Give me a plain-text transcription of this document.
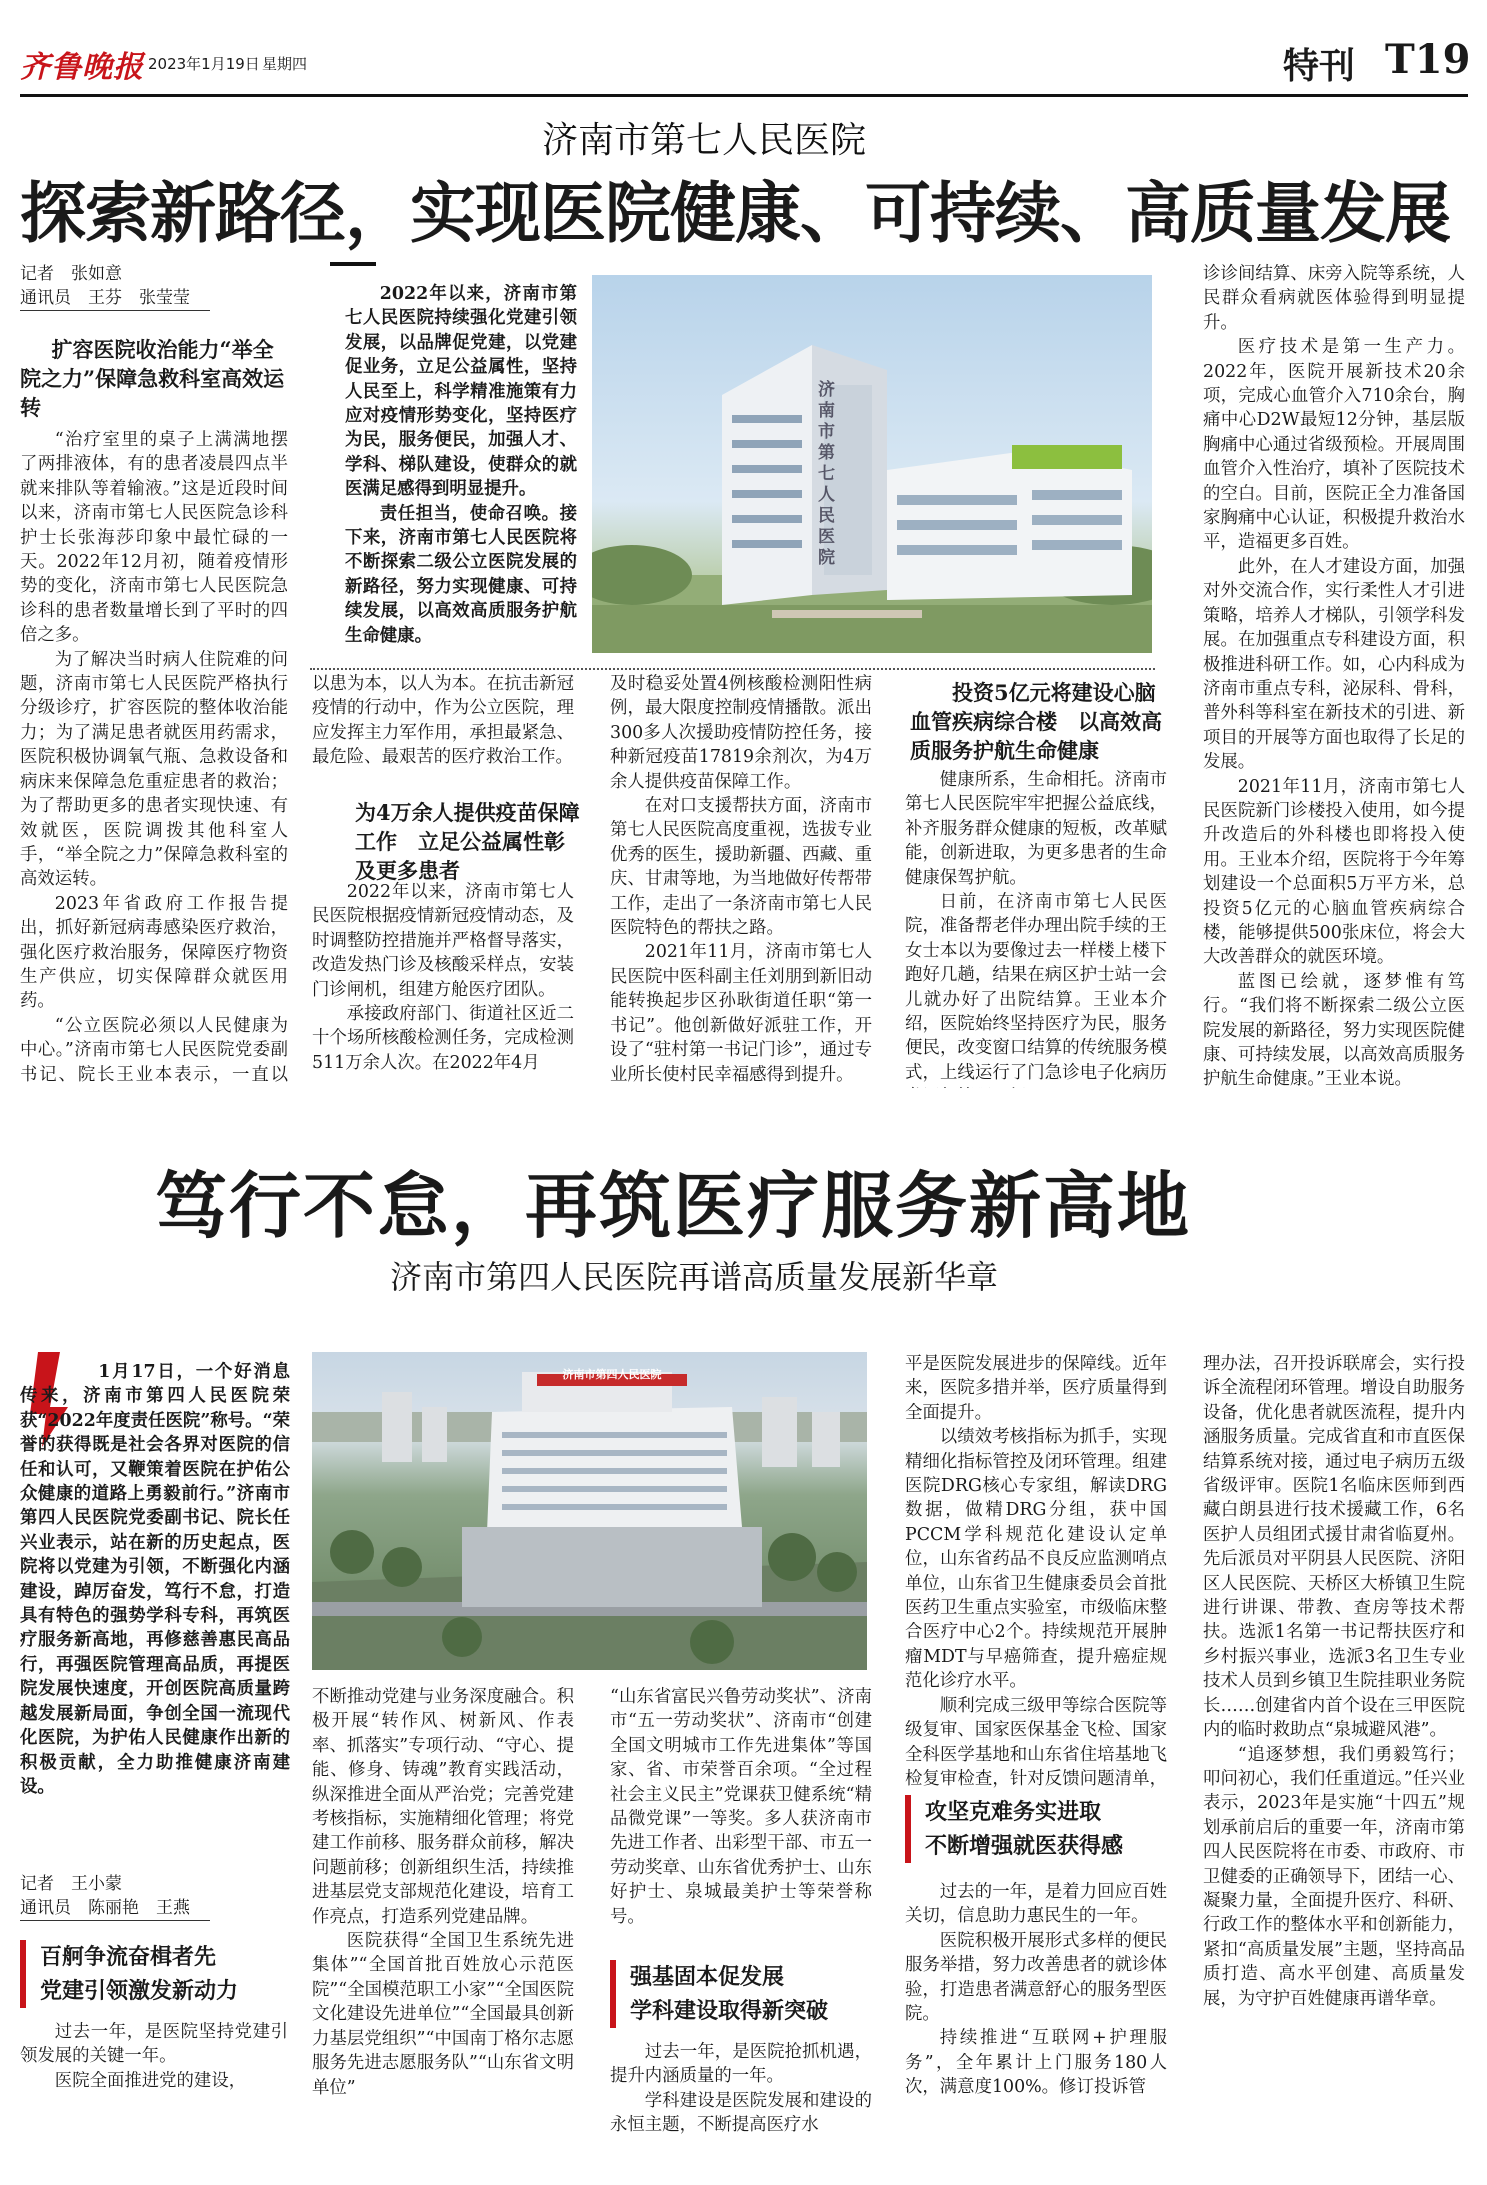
齐鲁晚报 2023年1月19日 星期四	特刊 T19
济南市第七人民医院
探索新路径，实现医院健康、可持续、高质量发展
记者　张如意
通讯员　王芬　张莹莹
扩容医院收治能力“举全院之力”保障急救科室高效运转

“治疗室里的桌子上满满地摆了两排液体，有的患者凌晨四点半就来排队等着输液。”这是近段时间以来，济南市第七人民医院急诊科护士长张海莎印象中最忙碌的一天。2022年12月初，随着疫情形势的变化，济南市第七人民医院急诊科的患者数量增长到了平时的四倍之多。

为了解决当时病人住院难的问题，济南市第七人民医院严格执行分级诊疗，扩容医院的整体收治能力；为了满足患者就医用药需求，医院积极协调氧气瓶、急救设备和病床来保障急危重症患者的救治；为了帮助更多的患者实现快速、有效就医，医院调拨其他科室人手，“举全院之力”保障急救科室的高效运转。

2023年省政府工作报告提出，抓好新冠病毒感染医疗救治，强化医疗救治服务，保障医疗物资生产供应，切实保障群众就医用药。

“公立医院必须以人民健康为中心。”济南市第七人民医院党委副书记、院长王业本表示，一直以

2022年以来，济南市第七人民医院持续强化党建引领发展，以品牌促党建，以党建促业务，立足公益属性，坚持人民至上，科学精准施策有力应对疫情形势变化，坚持医疗为民，服务便民，加强人才、学科、梯队建设，使群众的就医满足感得到明显提升。

责任担当，使命召唤。接下来，济南市第七人民医院将不断探索二级公立医院发展的新路径，努力实现健康、可持续发展，以高效高质服务护航生命健康。

济南市第七人民医院

以患为本，以人为本。在抗击新冠疫情的行动中，作为公立医院，理应发挥主力军作用，承担最紧急、最危险、最艰苦的医疗救治工作。

为4万余人提供疫苗保障工作　立足公益属性彰及更多患者

2022年以来，济南市第七人民医院根据疫情新冠疫情动态，及时调整防控措施并严格督导落实，改造发热门诊及核酸采样点，安装门诊闸机，组建方舱医疗团队。

承接政府部门、街道社区近二十个场所核酸检测任务，完成检测511万余人次。在2022年4月

及时稳妥处置4例核酸检测阳性病例，最大限度控制疫情播散。派出300多人次援助疫情防控任务，接种新冠疫苗17819余剂次，为4万余人提供疫苗保障工作。

在对口支援帮扶方面，济南市第七人民医院高度重视，选拔专业优秀的医生，援助新疆、西藏、重庆、甘肃等地，为当地做好传帮带工作，走出了一条济南市第七人民医院特色的帮扶之路。

2021年11月，济南市第七人民医院中医科副主任刘朋到新旧动能转换起步区孙耿街道任职“第一书记”。他创新做好派驻工作，开设了“驻村第一书记门诊”，通过专业所长使村民幸福感得到提升。

投资5亿元将建设心脑血管疾病综合楼　以高效高质服务护航生命健康

健康所系，生命相托。济南市第七人民医院牢牢把握公益底线，补齐服务群众健康的短板，改革赋能，创新进取，为更多患者的生命健康保驾护航。

日前，在济南市第七人民医院，准备帮老伴办理出院手续的王女士本以为要像过去一样楼上楼下跑好几趟，结果在病区护士站一会儿就办好了出院结算。王业本介绍，医院始终坚持医疗为民，服务便民，改变窗口结算的传统服务模式，上线运行了门急诊电子化病历

诊诊间结算、床旁入院等系统，人民群众看病就医体验得到明显提升。

医疗技术是第一生产力。2022年，医院开展新技术20余项，完成心血管介入710余台，胸痛中心D2W最短12分钟，基层版胸痛中心通过省级预检。开展周围血管介入性治疗，填补了医院技术的空白。目前，医院正全力准备国家胸痛中心认证，积极提升救治水平，造福更多百姓。

此外，在人才建设方面，加强对外交流合作，实行柔性人才引进策略，培养人才梯队，引领学科发展。在加强重点专科建设方面，积极推进科研工作。如，心内科成为济南市重点专科，泌尿科、骨科，普外科等科室在新技术的引进、新项目的开展等方面也取得了长足的发展。

2021年11月，济南市第七人民医院新门诊楼投入使用，如今提升改造后的外科楼也即将投入使用。王业本介绍，医院将于今年筹划建设一个总面积5万平方米，总投资5亿元的心脑血管疾病综合楼，能够提供500张床位，将会大大改善群众的就医环境。

蓝图已绘就，逐梦惟有笃行。“我们将不断探索二级公立医院发展的新路径，努力实现医院健康、可持续发展，以高效高质服务护航生命健康。”王业本说。

笃行不怠，再筑医疗服务新高地
济南市第四人民医院再谱高质量发展新华章

1月17日，一个好消息传来，济南市第四人民医院荣获“2022年度责任医院”称号。“荣誉的获得既是社会各界对医院的信任和认可，又鞭策着医院在护佑公众健康的道路上勇毅前行。”济南市第四人民医院党委副书记、院长任兴业表示，站在新的历史起点，医院将以党建为引领，不断强化内涵建设，踔厉奋发，笃行不怠，打造具有特色的强势学科专科，再筑医疗服务新高地，再修慈善惠民高品行，再强医院管理高品质，再提医院发展快速度，开创医院高质量跨越发展新局面，争创全国一流现代化医院，为护佑人民健康作出新的积极贡献，全力助推健康济南建设。

记者　王小蒙
通讯员　陈丽艳　王燕
百舸争流奋楫者先
党建引领激发新动力

过去一年，是医院坚持党建引领发展的关键一年。

医院全面推进党的建设，

济南市第四人民医院

不断推动党建与业务深度融合。积极开展“转作风、树新风、作表率、抓落实”专项行动、“守心、提能、修身、铸魂”教育实践活动，纵深推进全面从严治党；完善党建考核指标，实施精细化管理；将党建工作前移、服务群众前移，解决问题前移；创新组织生活，持续推进基层党支部规范化建设，培育工作亮点，打造系列党建品牌。

医院获得“全国卫生系统先进集体”“全国首批百姓放心示范医院”“全国模范职工小家”“全国医院文化建设先进单位”“全国最具创新力基层党组织”“中国南丁格尔志愿服务先进志愿服务队”“山东省文明单位”

“山东省富民兴鲁劳动奖状”、济南市“五一劳动奖状”、济南市“创建全国文明城市工作先进集体”等国家、省、市荣誉百余项。“全过程社会主义民主”党课获卫健系统“精品微党课”一等奖。多人获济南市先进工作者、出彩型干部、市五一劳动奖章、山东省优秀护士、山东好护士、泉城最美护士等荣誉称号。

强基固本促发展
学科建设取得新突破

过去一年，是医院抢抓机遇，提升内涵质量的一年。

学科建设是医院发展和建设的永恒主题，不断提高医疗水

平是医院发展进步的保障线。近年来，医院多措并举，医疗质量得到全面提升。

以绩效考核指标为抓手，实现精细化指标管控及闭环管理。组建医院DRG核心专家组，解读DRG数据，做精DRG分组，获中国PCCM学科规范化建设认定单位，山东省药品不良反应监测哨点单位，山东省卫生健康委员会首批医药卫生重点实验室，市级临床整合医疗中心2个。持续规范开展肿瘤MDT与早癌筛查，提升癌症规范化诊疗水平。

顺利完成三级甲等综合医院等级复审、国家医保基金飞检、国家全科医学基地和山东省住培基地飞检复审检查，针对反馈问题清单，

攻坚克难务实进取
不断增强就医获得感

过去的一年，是着力回应百姓关切，信息助力惠民生的一年。

医院积极开展形式多样的便民服务举措，努力改善患者的就诊体验，打造患者满意舒心的服务型医院。

持续推进“互联网+护理服务”，全年累计上门服务180人次，满意度100%。修订投诉管

理办法，召开投诉联席会，实行投诉全流程闭环管理。增设自助服务设备，优化患者就医流程，提升内涵服务质量。完成省直和市直医保结算系统对接，通过电子病历五级省级评审。医院1名临床医师到西藏白朗县进行技术援藏工作，6名医护人员组团式援甘肃省临夏州。先后派员对平阴县人民医院、济阳区人民医院、天桥区大桥镇卫生院进行讲课、带教、查房等技术帮扶。选派1名第一书记帮扶医疗和乡村振兴事业，选派3名卫生专业技术人员到乡镇卫生院挂职业务院长……创建省内首个设在三甲医院内的临时救助点“泉城避风港”。

“追逐梦想，我们勇毅笃行；叩问初心，我们任重道远。”任兴业表示，2023年是实施“十四五”规划承前启后的重要一年，济南市第四人民医院将在市委、市政府、市卫健委的正确领导下，团结一心、凝聚力量，全面提升医疗、科研、行政工作的整体水平和创新能力，紧扣“高质量发展”主题，坚持高品质打造、高水平创建、高质量发展，为守护百姓健康再谱华章。
